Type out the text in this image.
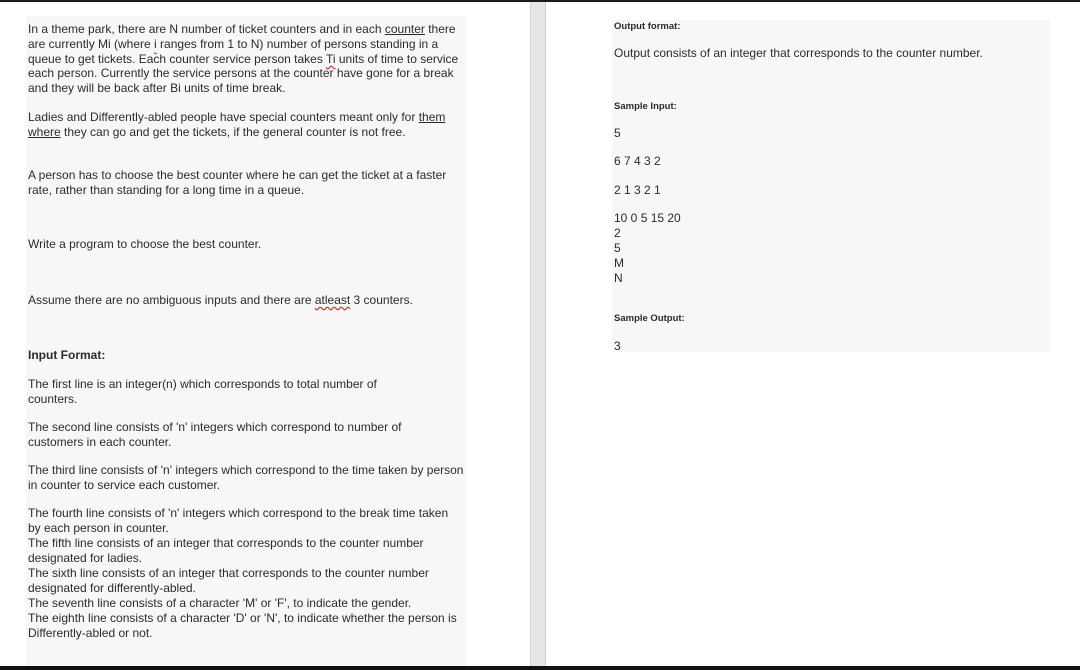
In a theme park, there are N number of ticket counters and in each counter there are currently Mi (where i ranges from 1 to N) number of persons standing in a queue to get tickets. Each counter service person takes Ti units of time to service each person. Currently the service persons at the counter have gone for a break and they will be back after Bi units of time break.

Ladies and Differently-abled people have special counters meant only for them where they can go and get the tickets, if the general counter is not free.

A person has to choose the best counter where he can get the ticket at a faster rate, rather than standing for a long time in a queue.

Write a program to choose the best counter.

Assume there are no ambiguous inputs and there are atleast 3 counters.

Input Format:

The first line is an integer(n) which corresponds to total number of counters.

The second line consists of 'n' integers which correspond to number of customers in each counter.

The third line consists of 'n' integers which correspond to the time taken by person in counter to service each customer.

The fourth line consists of 'n' integers which correspond to the break time taken by each person in counter.

The fifth line consists of an integer that corresponds to the counter number designated for ladies.

The sixth line consists of an integer that corresponds to the counter number designated for differently-abled.

The seventh line consists of a character 'M' or 'F', to indicate the gender.

The eighth line consists of a character 'D' or 'N', to indicate whether the person is Differently-abled or not.

Output format:

Output consists of an integer that corresponds to the counter number.

Sample Input:

5

6 7 4 3 2

2 1 3 2 1

10 0 5 15 20

2

5

M

N

Sample Output:

3
